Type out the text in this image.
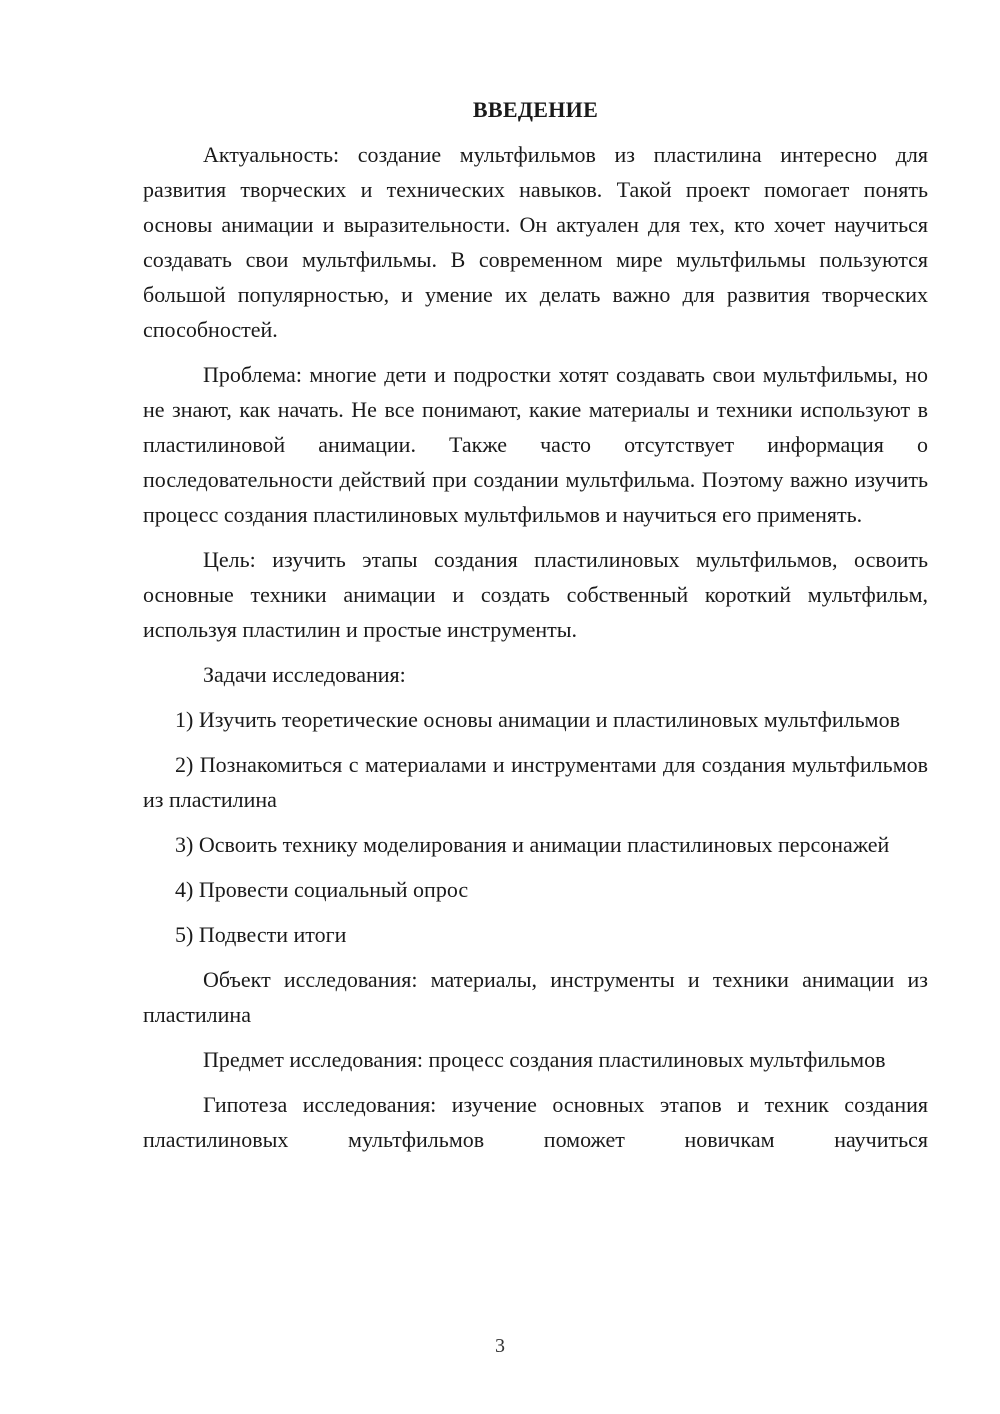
ВВЕДЕНИЕ

Актуальность: создание мультфильмов из пластилина интересно для развития творческих и технических навыков. Такой проект помогает понять основы анимации и выразительности. Он актуален для тех, кто хочет научиться создавать свои мультфильмы. В современном мире мультфильмы пользуются большой популярностью, и умение их делать важно для развития творческих способностей.

Проблема: многие дети и подростки хотят создавать свои мультфильмы, но не знают, как начать. Не все понимают, какие материалы и техники используют в пластилиновой анимации. Также часто отсутствует информация о последовательности действий при создании мультфильма. Поэтому важно изучить процесс создания пластилиновых мультфильмов и научиться его применять.

Цель: изучить этапы создания пластилиновых мультфильмов, освоить основные техники анимации и создать собственный короткий мультфильм, используя пластилин и простые инструменты.

Задачи исследования:

1) Изучить теоретические основы анимации и пластилиновых мультфильмов

2) Познакомиться с материалами и инструментами для создания мультфильмов из пластилина

3) Освоить технику моделирования и анимации пластилиновых персонажей

4) Провести социальный опрос

5) Подвести итоги

Объект исследования: материалы, инструменты и техники анимации из пластилина

Предмет исследования: процесс создания пластилиновых мультфильмов

Гипотеза исследования: изучение основных этапов и техник создания пластилиновых мультфильмов поможет новичкам научиться

3
